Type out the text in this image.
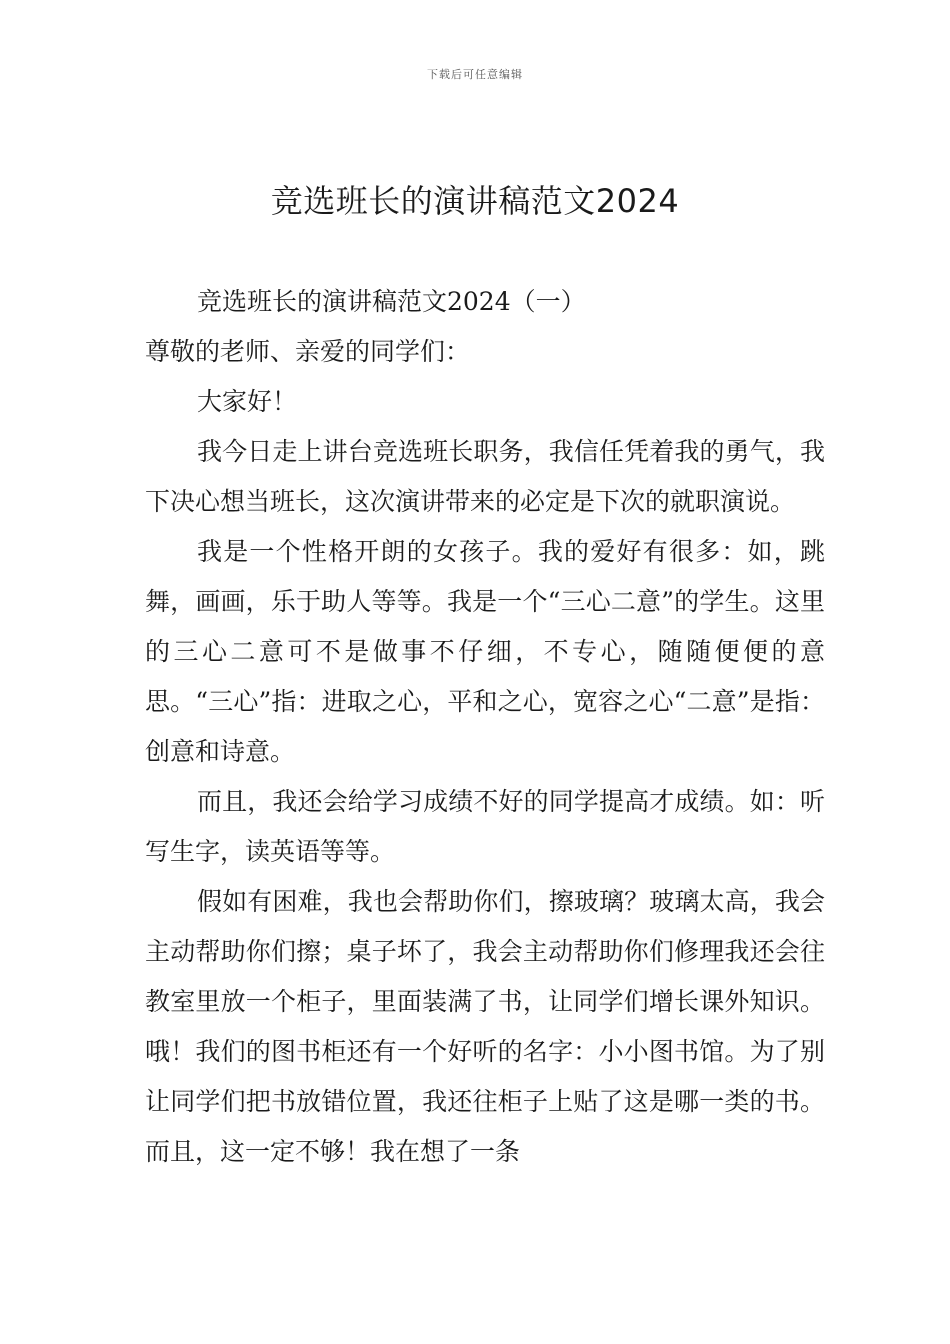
下载后可任意编辑
竞选班长的演讲稿范文2024

竞选班长的演讲稿范文2024（一）

尊敬的老师、亲爱的同学们：

大家好！

我今日走上讲台竞选班长职务，我信任凭着我的勇气，我下决心想当班长，这次演讲带来的必定是下次的就职演说。

我是一个性格开朗的女孩子。我的爱好有很多：如，跳舞，画画，乐于助人等等。我是一个“三心二意”的学生。这里的三心二意可不是做事不仔细，不专心，随随便便的意思。“三心”指：进取之心，平和之心，宽容之心“二意”是指：创意和诗意。

而且，我还会给学习成绩不好的同学提高才成绩。如：听写生字，读英语等等。

假如有困难，我也会帮助你们，擦玻璃？玻璃太高，我会主动帮助你们擦；桌子坏了，我会主动帮助你们修理我还会往教室里放一个柜子，里面装满了书，让同学们增长课外知识。哦！我们的图书柜还有一个好听的名字：小小图书馆。为了别让同学们把书放错位置，我还往柜子上贴了这是哪一类的书。而且，这一定不够！我在想了一条
